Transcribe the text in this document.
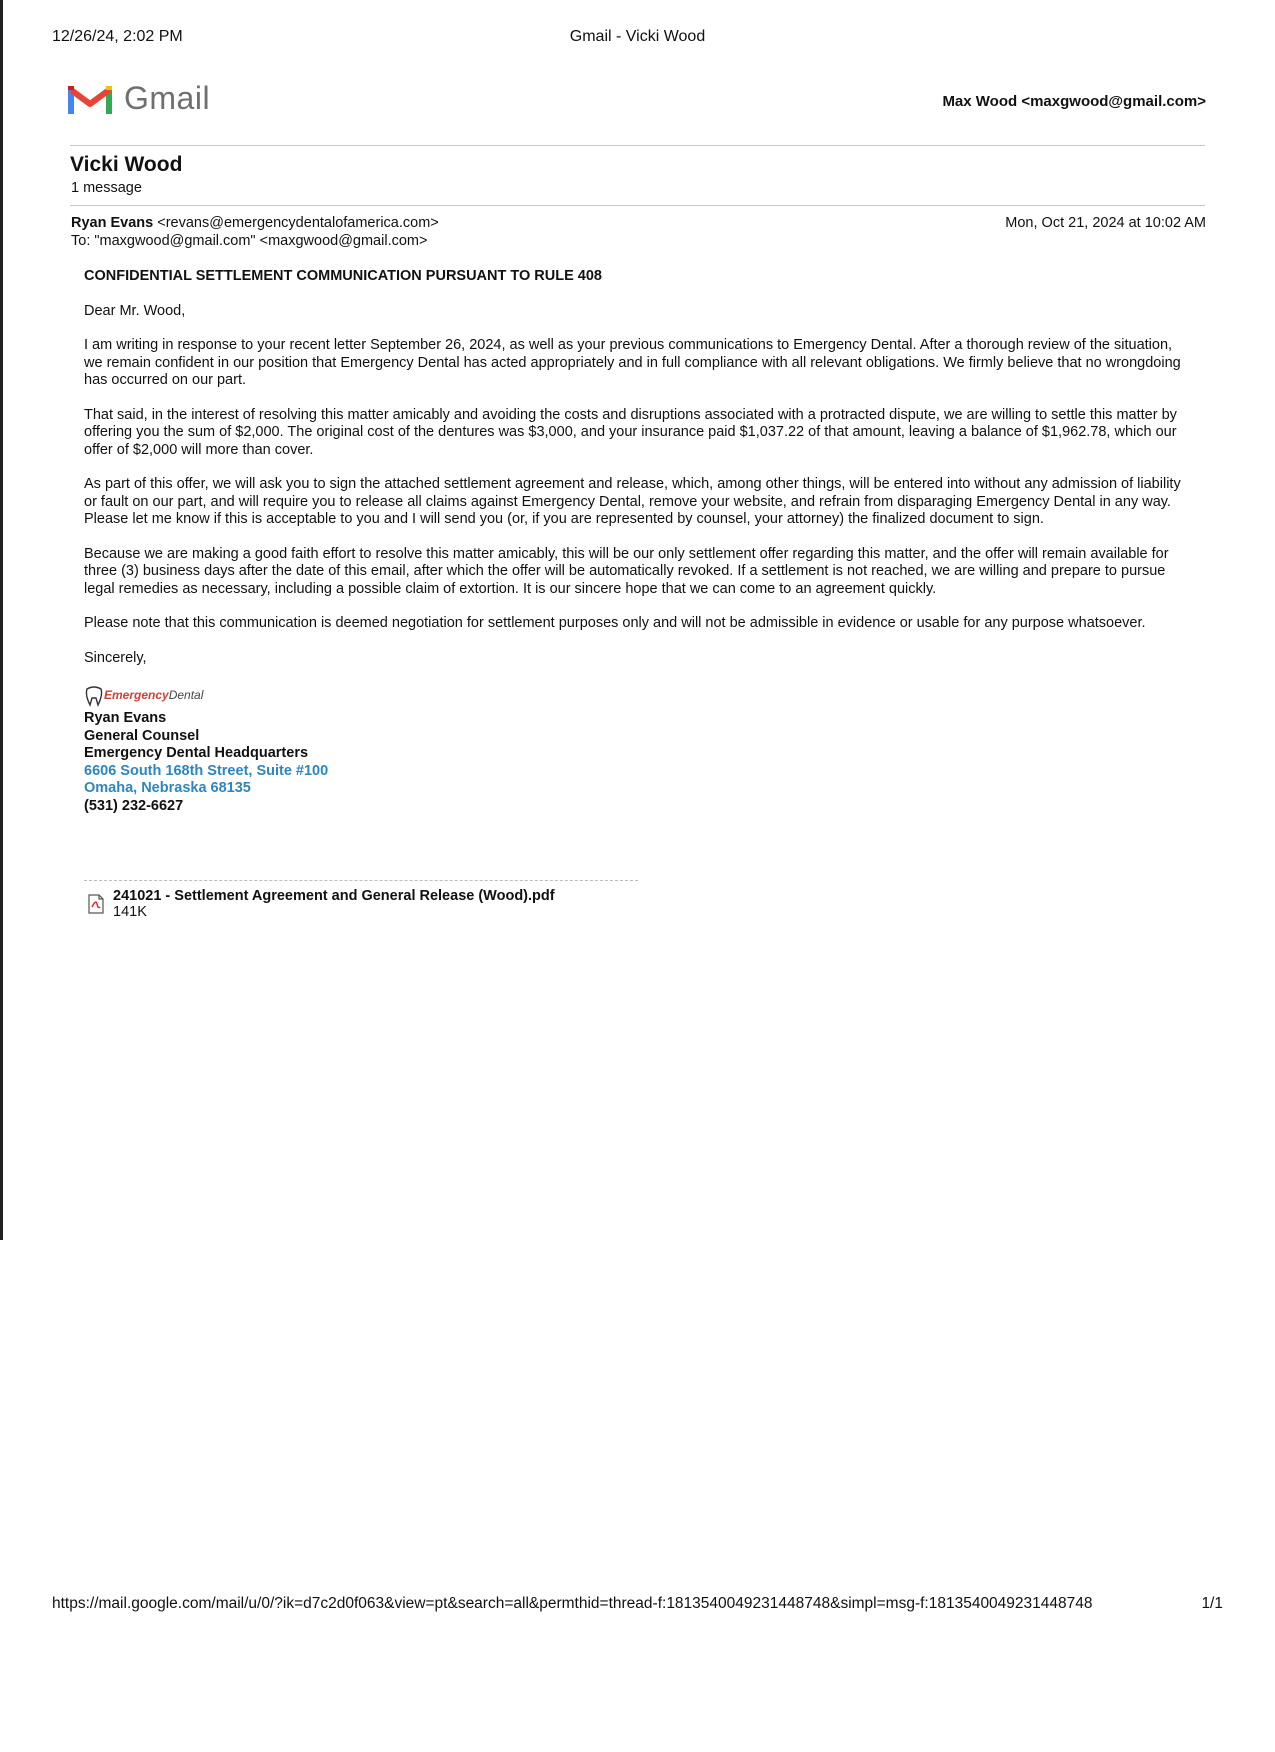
12/26/24, 2:02 PM	Gmail - Vicki Wood
Gmail	Max Wood <maxgwood@gmail.com>
Vicki Wood
1 message
Ryan Evans <revans@emergencydentalofamerica.com>
To: "maxgwood@gmail.com" <maxgwood@gmail.com>
Mon, Oct 21, 2024 at 10:02 AM

CONFIDENTIAL SETTLEMENT COMMUNICATION PURSUANT TO RULE 408

Dear Mr. Wood,

I am writing in response to your recent letter September 26, 2024, as well as your previous communications to Emergency Dental. After a thorough review of the situation, we remain confident in our position that Emergency Dental has acted appropriately and in full compliance with all relevant obligations. We firmly believe that no wrongdoing has occurred on our part.

That said, in the interest of resolving this matter amicably and avoiding the costs and disruptions associated with a protracted dispute, we are willing to settle this matter by offering you the sum of $2,000. The original cost of the dentures was $3,000, and your insurance paid $1,037.22 of that amount, leaving a balance of $1,962.78, which our offer of $2,000 will more than cover.

As part of this offer, we will ask you to sign the attached settlement agreement and release, which, among other things, will be entered into without any admission of liability or fault on our part, and will require you to release all claims against Emergency Dental, remove your website, and refrain from disparaging Emergency Dental in any way. Please let me know if this is acceptable to you and I will send you (or, if you are represented by counsel, your attorney) the finalized document to sign.

Because we are making a good faith effort to resolve this matter amicably, this will be our only settlement offer regarding this matter, and the offer will remain available for three (3) business days after the date of this email, after which the offer will be automatically revoked. If a settlement is not reached, we are willing and prepare to pursue legal remedies as necessary, including a possible claim of extortion. It is our sincere hope that we can come to an agreement quickly.

Please note that this communication is deemed negotiation for settlement purposes only and will not be admissible in evidence or usable for any purpose whatsoever.

Sincerely,

Emergency Dental
Ryan Evans
General Counsel
Emergency Dental Headquarters
6606 South 168th Street, Suite #100
Omaha, Nebraska 68135
(531) 232-6627
241021 - Settlement Agreement and General Release (Wood).pdf
141K
https://mail.google.com/mail/u/0/?ik=d7c2d0f063&view=pt&search=all&permthid=thread-f:1813540049231448748&simpl=msg-f:1813540049231448748	1/1
